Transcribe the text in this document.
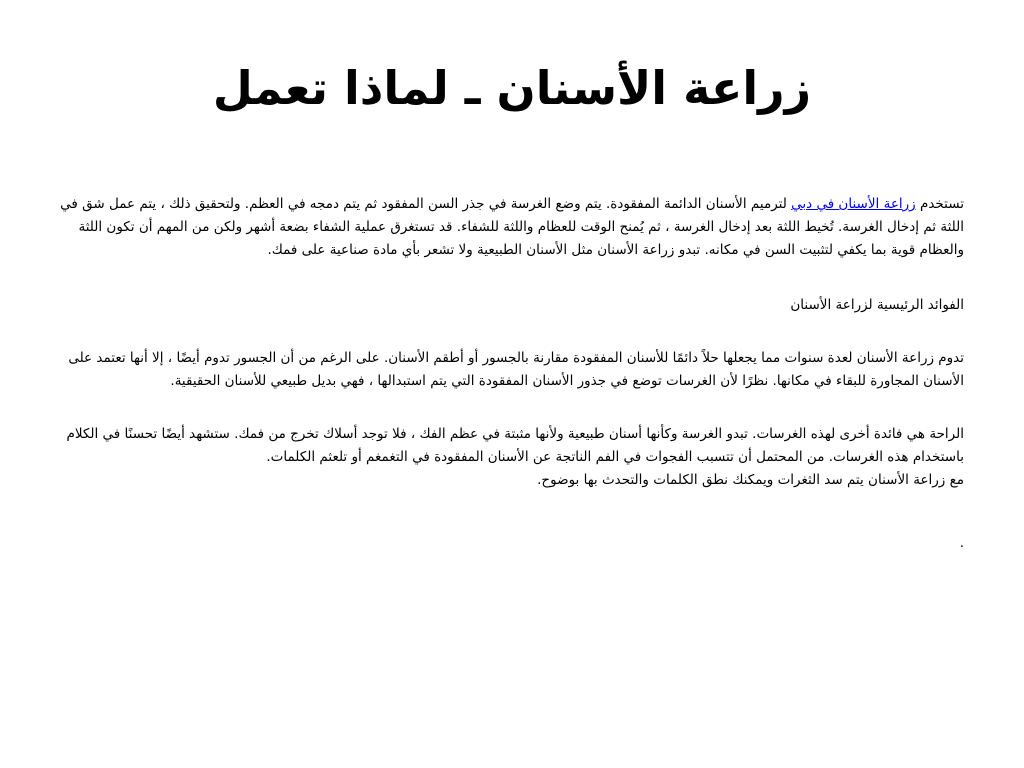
زراعة الأسنان ـ لماذا تعمل

تستخدم زراعة الأسنان في دبي لترميم الأسنان الدائمة المفقودة. يتم وضع الغرسة في جذر السن المفقود ثم يتم دمجه في العظم. ولتحقيق ذلك ، يتم عمل شق في اللثة ثم إدخال الغرسة. تُخيط اللثة بعد إدخال الغرسة ، ثم يُمنح الوقت للعظام واللثة للشفاء. قد تستغرق عملية الشفاء بضعة أشهر ولكن من المهم أن تكون اللثة والعظام قوية بما يكفي لتثبيت السن في مكانه. تبدو زراعة الأسنان مثل الأسنان الطبيعية ولا تشعر بأي مادة صناعية على فمك.

الفوائد الرئيسية لزراعة الأسنان

تدوم زراعة الأسنان لعدة سنوات مما يجعلها حلاً دائمًا للأسنان المفقودة مقارنة بالجسور أو أطقم الأسنان. على الرغم من أن الجسور تدوم أيضًا ، إلا أنها تعتمد على الأسنان المجاورة للبقاء في مكانها. نظرًا لأن الغرسات توضع في جذور الأسنان المفقودة التي يتم استبدالها ، فهي بديل طبيعي للأسنان الحقيقية.

الراحة هي فائدة أخرى لهذه الغرسات. تبدو الغرسة وكأنها أسنان طبيعية ولأنها مثبتة في عظم الفك ، فلا توجد أسلاك تخرج من فمك. ستشهد أيضًا تحسنًا في الكلام باستخدام هذه الغرسات. من المحتمل أن تتسبب الفجوات في الفم الناتجة عن الأسنان المفقودة في التغمغم أو تلعثم الكلمات.
مع زراعة الأسنان يتم سد الثغرات ويمكنك نطق الكلمات والتحدث بها بوضوح.

.
